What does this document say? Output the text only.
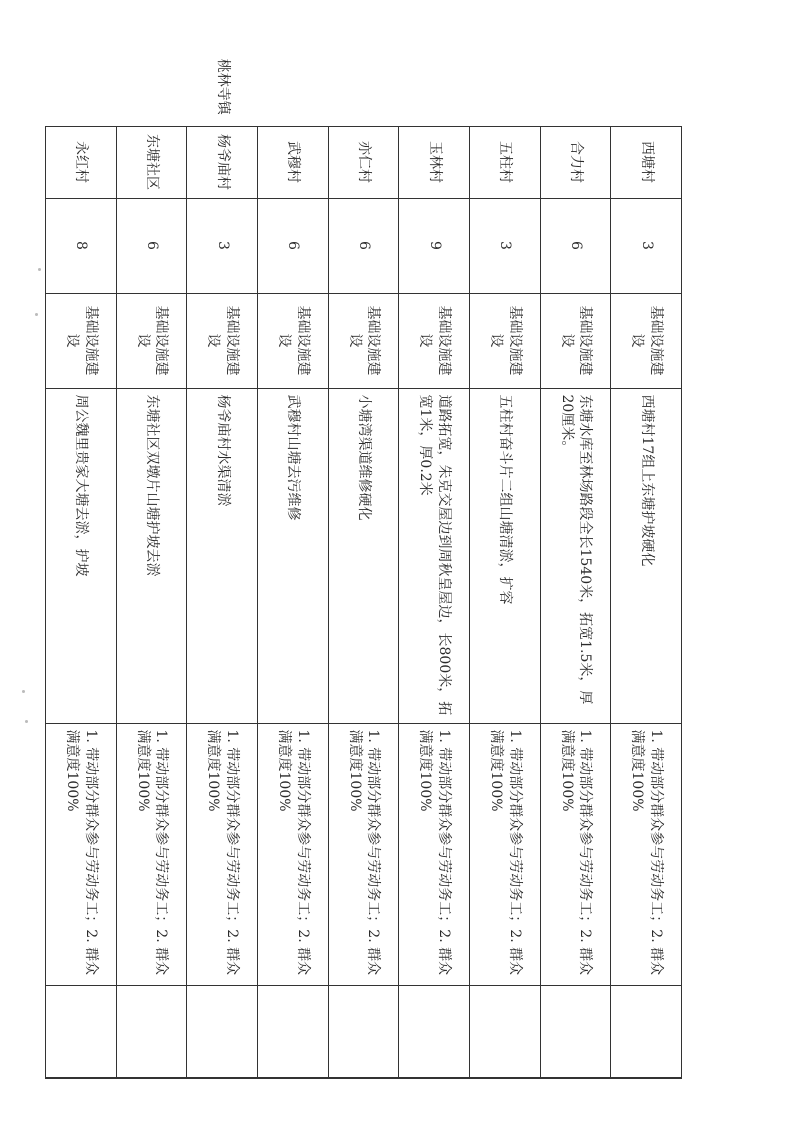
	西塘村	3	基础设施建设	西塘村17组上东塘护坡硬化	1. 带动部分群众参与劳动务工；2. 群众满意度100%	
	合力村	6	基础设施建设	东塘水库至林场路段全长1540米，拓宽1.5米，厚20厘米。	1. 带动部分群众参与劳动务工；2. 群众满意度100%	
	五柱村	3	基础设施建设	五柱村奋斗片二组山塘清淤，扩容	1. 带动部分群众参与劳动务工；2. 群众满意度100%	
	玉林村	9	基础设施建设	道路拓宽，朱克交屋边到周秋皇屋边，长800米，拓宽1米，厚0.2米	1. 带动部分群众参与劳动务工；2. 群众满意度100%	
	亦仁村	6	基础设施建设	小塘湾渠道维修硬化	1. 带动部分群众参与劳动务工；2. 群众满意度100%	
	武穆村	6	基础设施建设	武穆村山塘去污维修	1. 带动部分群众参与劳动务工；2. 群众满意度100%	
桃林寺镇	杨爷庙村	3	基础设施建设	杨爷庙村水渠清淤	1. 带动部分群众参与劳动务工；2. 群众满意度100%	
	东塘社区	6	基础设施建设	东塘社区双墩片山塘护坡去淤	1. 带动部分群众参与劳动务工；2. 群众满意度100%	
	永红村	8	基础设施建设	周公魏里贵家大塘去淤，护坡	1. 带动部分群众参与劳动务工；2. 群众满意度100%	
